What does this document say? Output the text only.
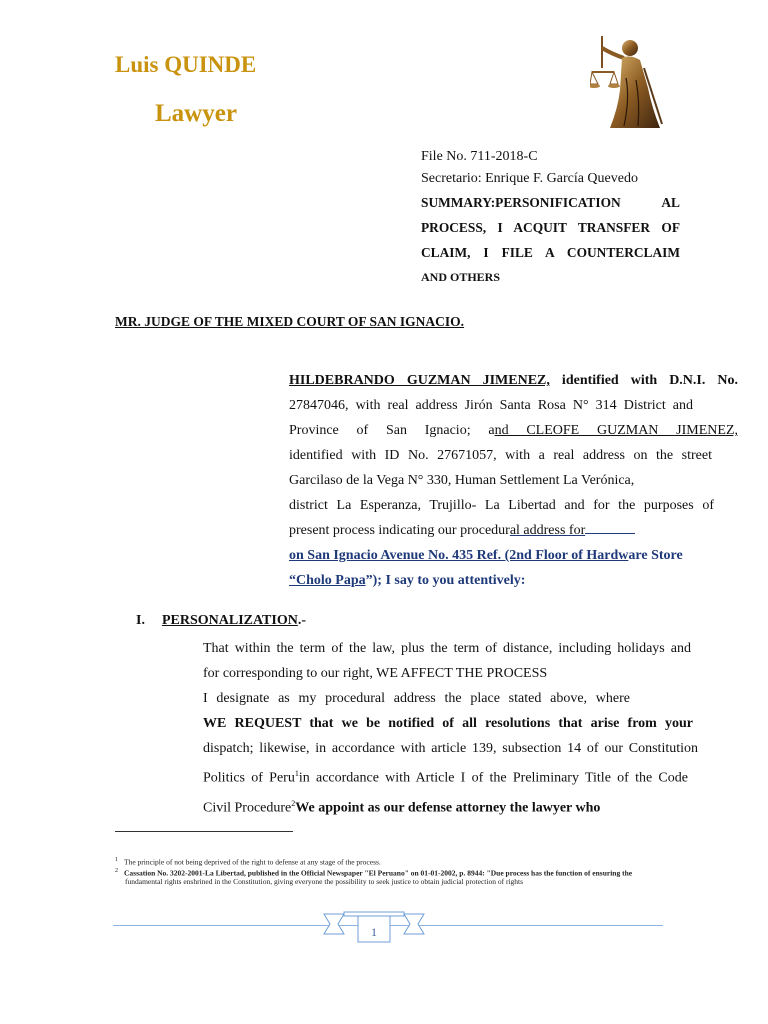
Luis QUINDE
Lawyer
File No. 711-2018-C
Secretario: Enrique F. García Quevedo
SUMMARY:PERSONIFICATION AL
PROCESS, I ACQUIT TRANSFER OF
CLAIM, I FILE A COUNTERCLAIM
AND OTHERS
MR. JUDGE OF THE MIXED COURT OF SAN IGNACIO.
HILDEBRANDO GUZMAN JIMENEZ, identified with D.N.I. No.
27847046, with real address Jirón Santa Rosa N° 314 District and
Province of San Ignacio; and CLEOFE GUZMAN JIMENEZ,
identified with ID No. 27671057, with a real address on the street
Garcilaso de la Vega N° 330, Human Settlement La Verónica,
district La Esperanza, Trujillo- La Libertad and for the purposes of
present process indicating our procedural address for
on San Ignacio Avenue No. 435 Ref. (2nd Floor of Hardware Store
“Cholo Papa”); I say to you attentively:
I. PERSONALIZATION.-
That within the term of the law, plus the term of distance, including holidays and
for corresponding to our right, WE AFFECT THE PROCESS
I designate as my procedural address the place stated above, where
WE REQUEST that we be notified of all resolutions that arise from your
dispatch; likewise, in accordance with article 139, subsection 14 of our Constitution
Politics of Peru$^1$in accordance with Article I of the Preliminary Title of the Code
Civil Procedure$^2$We appoint as our defense attorney the lawyer who
$^1$ The principle of not being deprived of the right to defense at any stage of the process.
$^2$ Cassation No. 3202-2001-La Libertad, published in the Official Newspaper "El Peruano" on 01-01-2002, p. 8944: "Due process has the function of ensuring the
fundamental rights enshrined in the Constitution, giving everyone the possibility to seek justice to obtain judicial protection of rights
1
